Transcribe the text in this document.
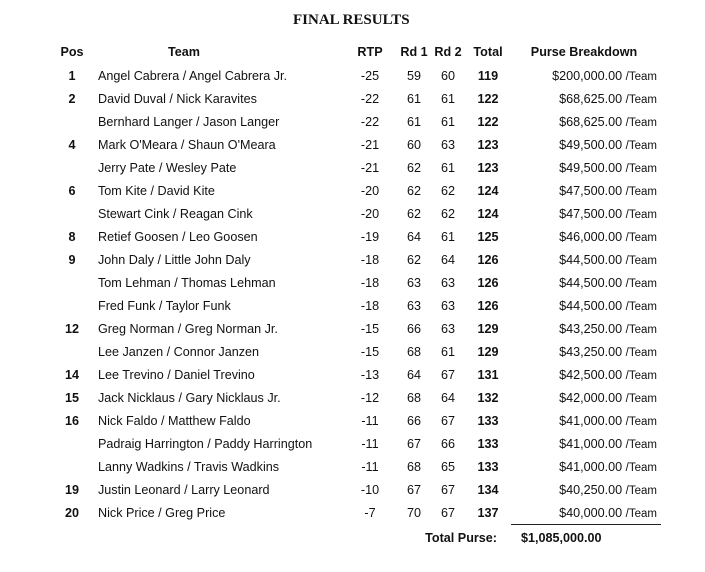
FINAL RESULTS
Pos	Team	RTP	Rd 1	Rd 2	Total	Purse Breakdown
1	Angel Cabrera / Angel Cabrera Jr.	-25	59	60	119	$200,000.00 /Team
2	David Duval / Nick Karavites	-22	61	61	122	$68,625.00 /Team
	Bernhard Langer / Jason Langer	-22	61	61	122	$68,625.00 /Team
4	Mark O'Meara / Shaun O'Meara	-21	60	63	123	$49,500.00 /Team
	Jerry Pate / Wesley Pate	-21	62	61	123	$49,500.00 /Team
6	Tom Kite / David Kite	-20	62	62	124	$47,500.00 /Team
	Stewart Cink / Reagan Cink	-20	62	62	124	$47,500.00 /Team
8	Retief Goosen / Leo Goosen	-19	64	61	125	$46,000.00 /Team
9	John Daly / Little John Daly	-18	62	64	126	$44,500.00 /Team
	Tom Lehman / Thomas Lehman	-18	63	63	126	$44,500.00 /Team
	Fred Funk / Taylor Funk	-18	63	63	126	$44,500.00 /Team
12	Greg Norman / Greg Norman Jr.	-15	66	63	129	$43,250.00 /Team
	Lee Janzen / Connor Janzen	-15	68	61	129	$43,250.00 /Team
14	Lee Trevino / Daniel Trevino	-13	64	67	131	$42,500.00 /Team
15	Jack Nicklaus / Gary Nicklaus Jr.	-12	68	64	132	$42,000.00 /Team
16	Nick Faldo / Matthew Faldo	-11	66	67	133	$41,000.00 /Team
	Padraig Harrington / Paddy Harrington	-11	67	66	133	$41,000.00 /Team
	Lanny Wadkins / Travis Wadkins	-11	68	65	133	$41,000.00 /Team
19	Justin Leonard / Larry Leonard	-10	67	67	134	$40,250.00 /Team
20	Nick Price / Greg Price	-7	70	67	137	$40,000.00 /Team
Total Purse:						$1,085,000.00
